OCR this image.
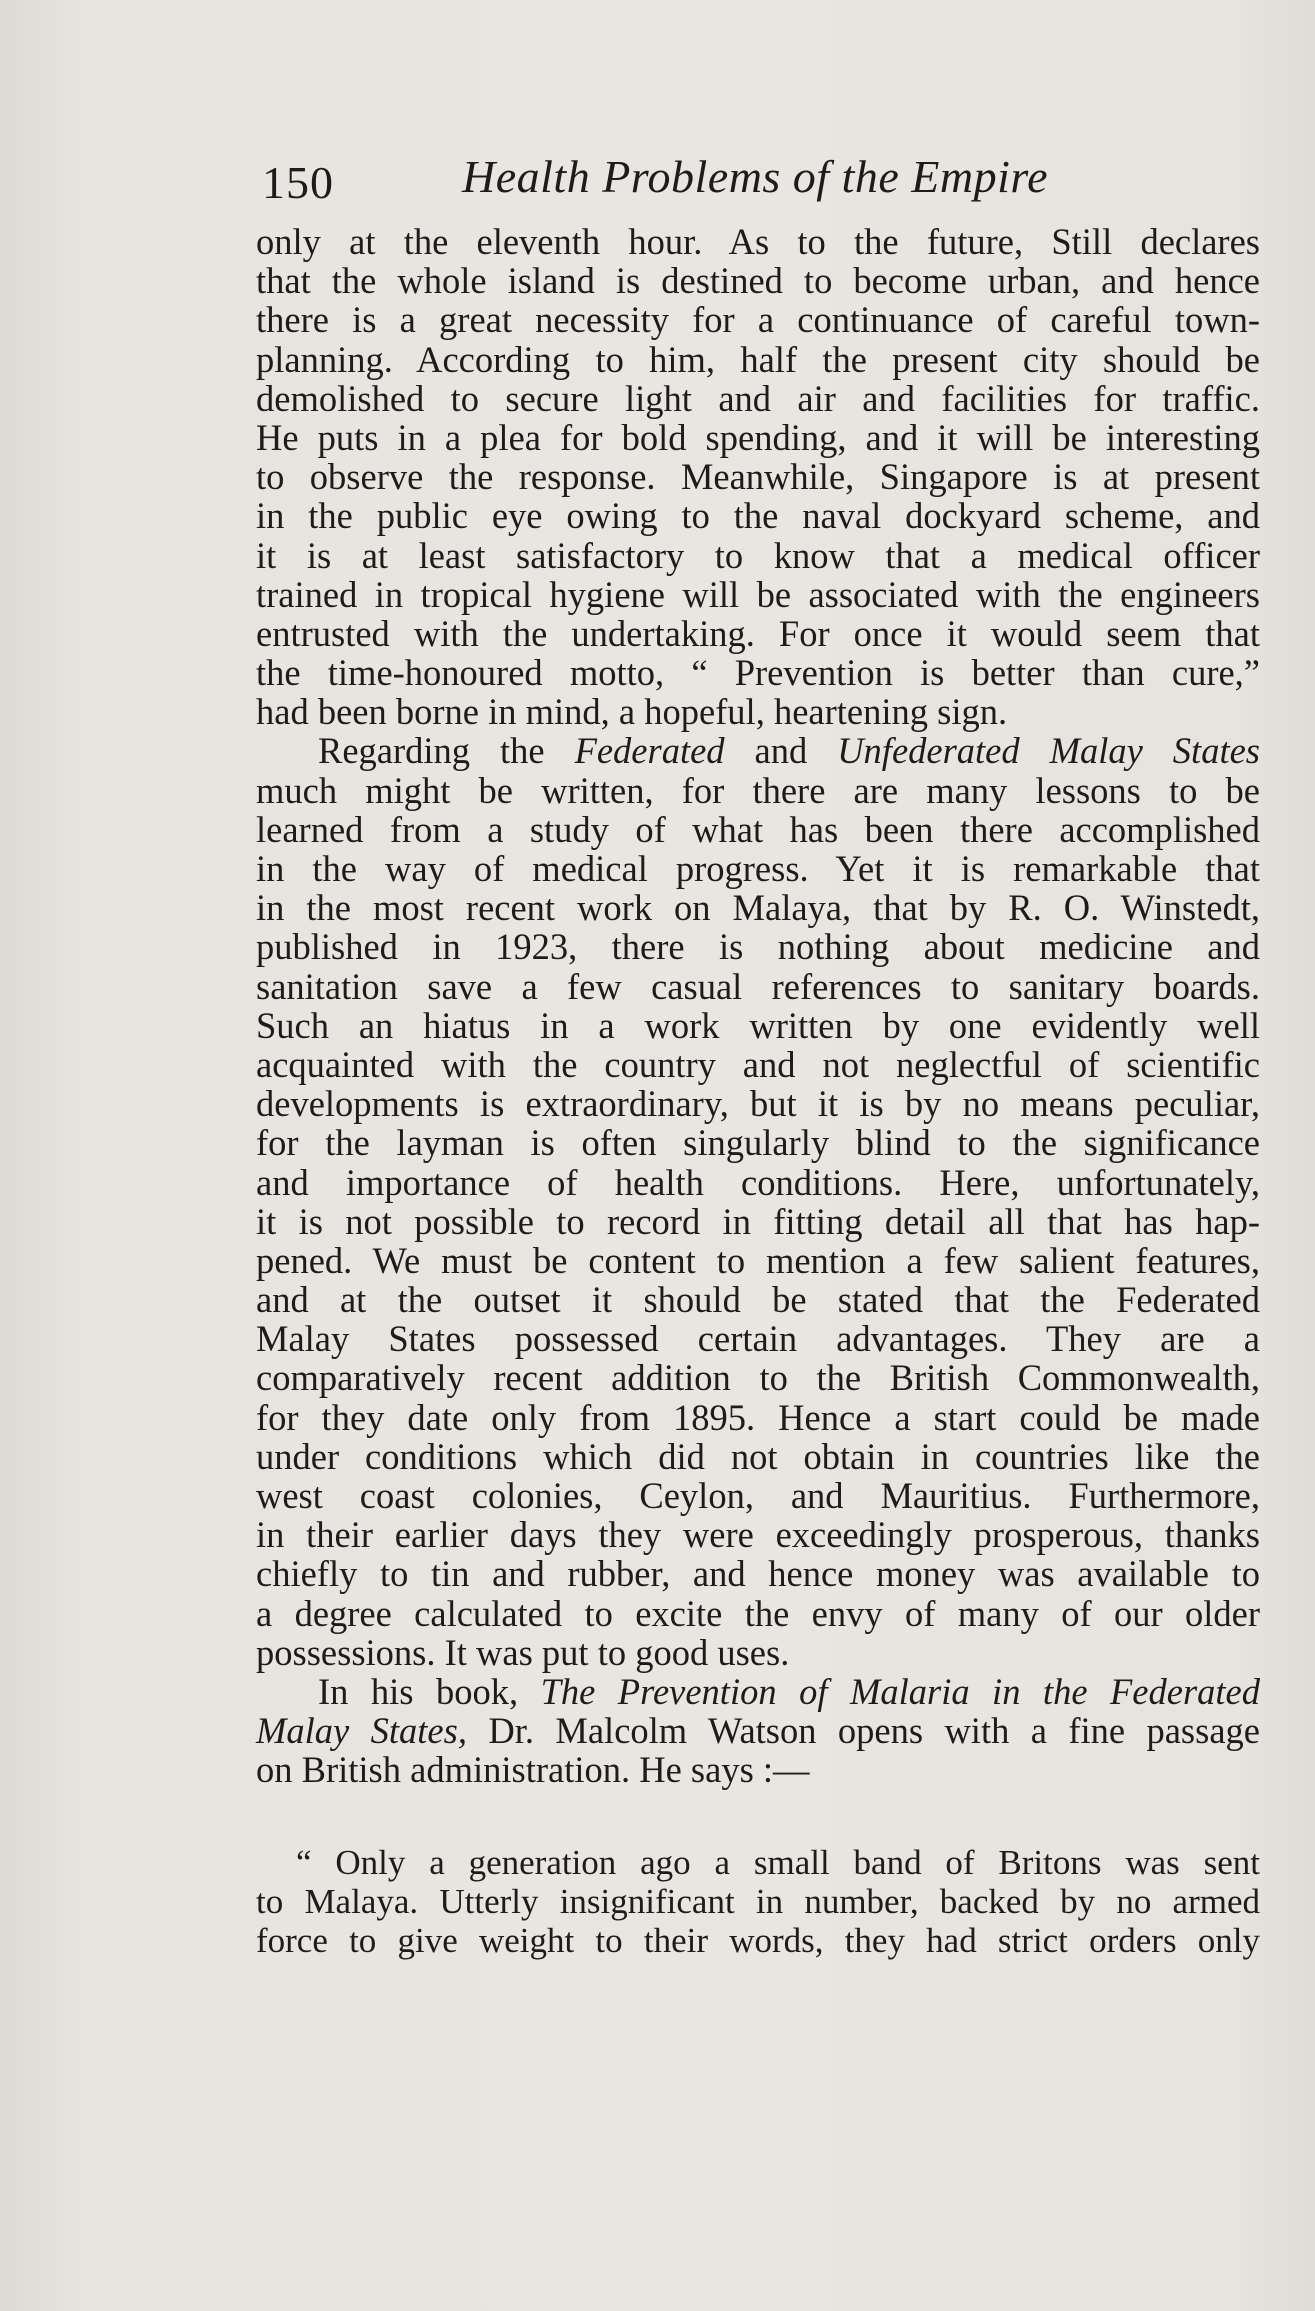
150	Health Problems of the Empire
only at the eleventh hour. As to the future, Still declares
that the whole island is destined to become urban, and hence
there is a great necessity for a continuance of careful town-
planning. According to him, half the present city should be
demolished to secure light and air and facilities for traffic.
He puts in a plea for bold spending, and it will be interesting
to observe the response. Meanwhile, Singapore is at present
in the public eye owing to the naval dockyard scheme, and
it is at least satisfactory to know that a medical officer
trained in tropical hygiene will be associated with the engineers
entrusted with the undertaking. For once it would seem that
the time-honoured motto, “ Prevention is better than cure,”
had been borne in mind, a hopeful, heartening sign.
Regarding the Federated and Unfederated Malay States
much might be written, for there are many lessons to be
learned from a study of what has been there accomplished
in the way of medical progress. Yet it is remarkable that
in the most recent work on Malaya, that by R. O. Winstedt,
published in 1923, there is nothing about medicine and
sanitation save a few casual references to sanitary boards.
Such an hiatus in a work written by one evidently well
acquainted with the country and not neglectful of scientific
developments is extraordinary, but it is by no means peculiar,
for the layman is often singularly blind to the significance
and importance of health conditions. Here, unfortunately,
it is not possible to record in fitting detail all that has hap-
pened. We must be content to mention a few salient features,
and at the outset it should be stated that the Federated
Malay States possessed certain advantages. They are a
comparatively recent addition to the British Commonwealth,
for they date only from 1895. Hence a start could be made
under conditions which did not obtain in countries like the
west coast colonies, Ceylon, and Mauritius. Furthermore,
in their earlier days they were exceedingly prosperous, thanks
chiefly to tin and rubber, and hence money was available to
a degree calculated to excite the envy of many of our older
possessions. It was put to good uses.
In his book, The Prevention of Malaria in the Federated
Malay States, Dr. Malcolm Watson opens with a fine passage
on British administration. He says :—
“ Only a generation ago a small band of Britons was sent
to Malaya. Utterly insignificant in number, backed by no armed
force to give weight to their words, they had strict orders only
